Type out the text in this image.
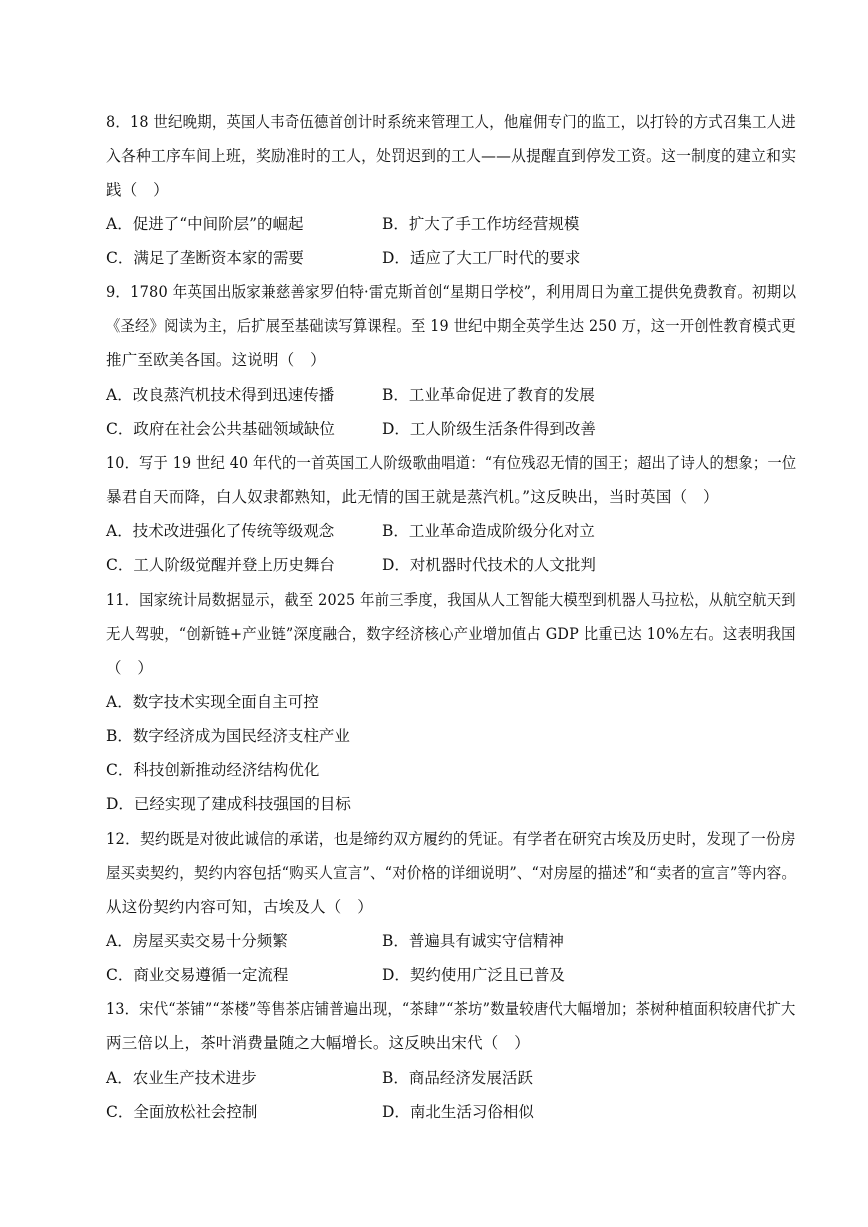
8．18 世纪晚期，英国人韦奇伍德首创计时系统来管理工人，他雇佣专门的监工，以打铃的方式召集工人进
入各种工序车间上班，奖励准时的工人，处罚迟到的工人——从提醒直到停发工资。这一制度的建立和实
践（　）
A．促进了“中间阶层”的崛起	B．扩大了手工作坊经营规模
C．满足了垄断资本家的需要	D．适应了大工厂时代的要求
9．1780 年英国出版家兼慈善家罗伯特·雷克斯首创“星期日学校”，利用周日为童工提供免费教育。初期以
《圣经》阅读为主，后扩展至基础读写算课程。至 19 世纪中期全英学生达 250 万，这一开创性教育模式更
推广至欧美各国。这说明（　）
A．改良蒸汽机技术得到迅速传播	B．工业革命促进了教育的发展
C．政府在社会公共基础领域缺位	D．工人阶级生活条件得到改善
10．写于 19 世纪 40 年代的一首英国工人阶级歌曲唱道：“有位残忍无情的国王；超出了诗人的想象；一位
暴君自天而降，白人奴隶都熟知，此无情的国王就是蒸汽机。”这反映出，当时英国（　）
A．技术改进强化了传统等级观念	B．工业革命造成阶级分化对立
C．工人阶级觉醒并登上历史舞台	D．对机器时代技术的人文批判
11．国家统计局数据显示，截至 2025 年前三季度，我国从人工智能大模型到机器人马拉松，从航空航天到
无人驾驶，“创新链+产业链”深度融合，数字经济核心产业增加值占 GDP 比重已达 10%左右。这表明我国
（　）
A．数字技术实现全面自主可控
B．数字经济成为国民经济支柱产业
C．科技创新推动经济结构优化
D．已经实现了建成科技强国的目标
12．契约既是对彼此诚信的承诺，也是缔约双方履约的凭证。有学者在研究古埃及历史时，发现了一份房
屋买卖契约，契约内容包括“购买人宣言”、“对价格的详细说明”、“对房屋的描述”和“卖者的宣言”等内容。
从这份契约内容可知，古埃及人（　）
A．房屋买卖交易十分频繁	B．普遍具有诚实守信精神
C．商业交易遵循一定流程	D．契约使用广泛且已普及
13．宋代“茶铺”“茶楼”等售茶店铺普遍出现，“茶肆”“茶坊”数量较唐代大幅增加；茶树种植面积较唐代扩大
两三倍以上，茶叶消费量随之大幅增长。这反映出宋代（　）
A．农业生产技术进步	B．商品经济发展活跃
C．全面放松社会控制	D．南北生活习俗相似
